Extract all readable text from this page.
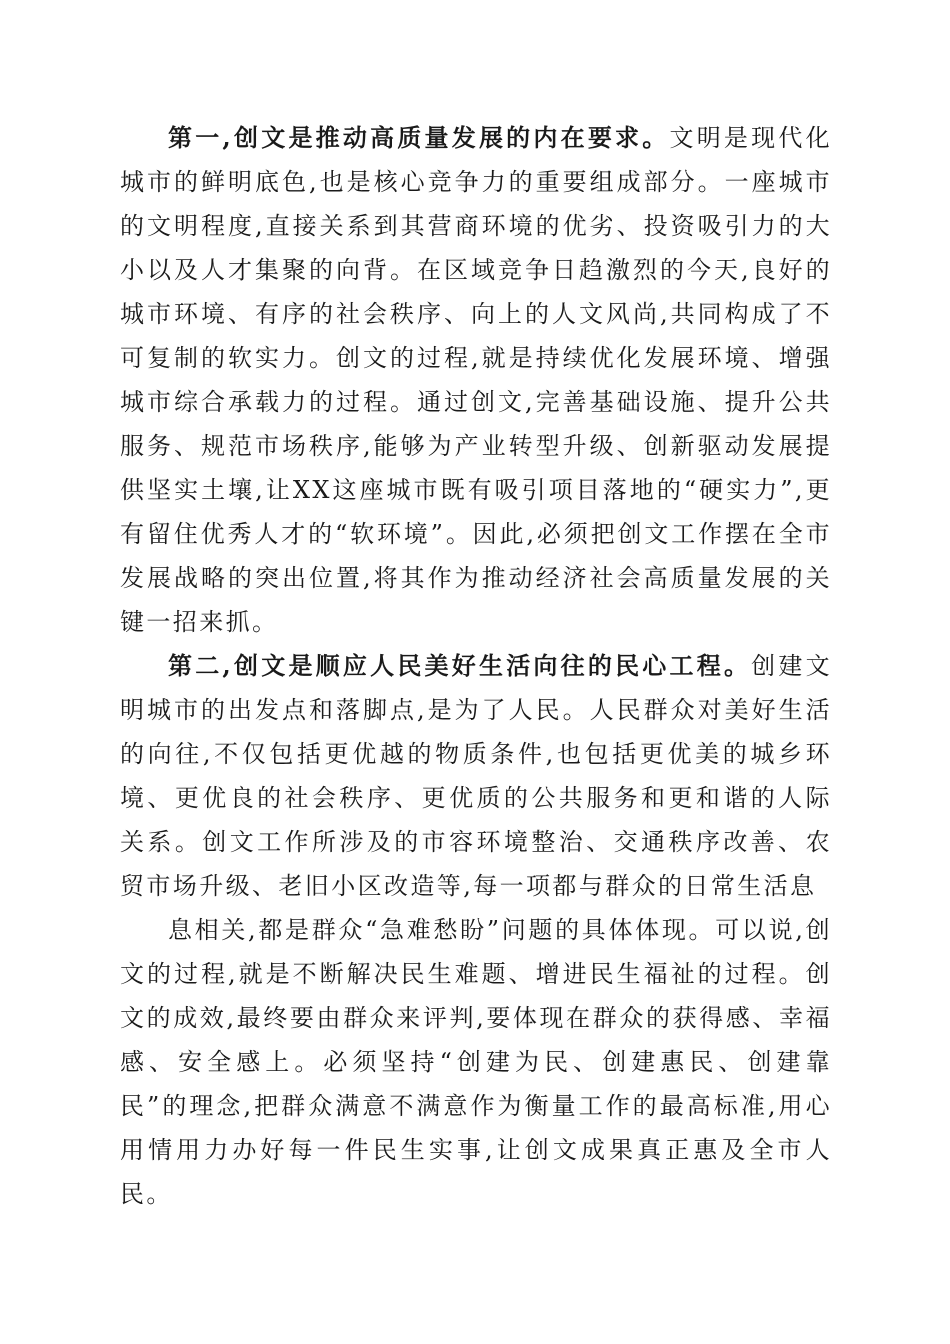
第一,创文是推动高质量发展的内在要求。文明是现代化城市的鲜明底色,也是核心竞争力的重要组成部分。一座城市的文明程度,直接关系到其营商环境的优劣、投资吸引力的大小以及人才集聚的向背。在区域竞争日趋激烈的今天,良好的城市环境、有序的社会秩序、向上的人文风尚,共同构成了不可复制的软实力。创文的过程,就是持续优化发展环境、增强城市综合承载力的过程。通过创文,完善基础设施、提升公共服务、规范市场秩序,能够为产业转型升级、创新驱动发展提供坚实土壤,让XX这座城市既有吸引项目落地的“硬实力”,更有留住优秀人才的“软环境”。因此,必须把创文工作摆在全市发展战略的突出位置,将其作为推动经济社会高质量发展的关键一招来抓。

第二,创文是顺应人民美好生活向往的民心工程。创建文明城市的出发点和落脚点,是为了人民。人民群众对美好生活的向往,不仅包括更优越的物质条件,也包括更优美的城乡环境、更优良的社会秩序、更优质的公共服务和更和谐的人际关系。创文工作所涉及的市容环境整治、交通秩序改善、农贸市场升级、老旧小区改造等,每一项都与群众的日常生活息

息相关,都是群众“急难愁盼”问题的具体体现。可以说,创文的过程,就是不断解决民生难题、增进民生福祉的过程。创文的成效,最终要由群众来评判,要体现在群众的获得感、幸福感、安全感上。必须坚持“创建为民、创建惠民、创建靠民”的理念,把群众满意不满意作为衡量工作的最高标准,用心用情用力办好每一件民生实事,让创文成果真正惠及全市人民。
